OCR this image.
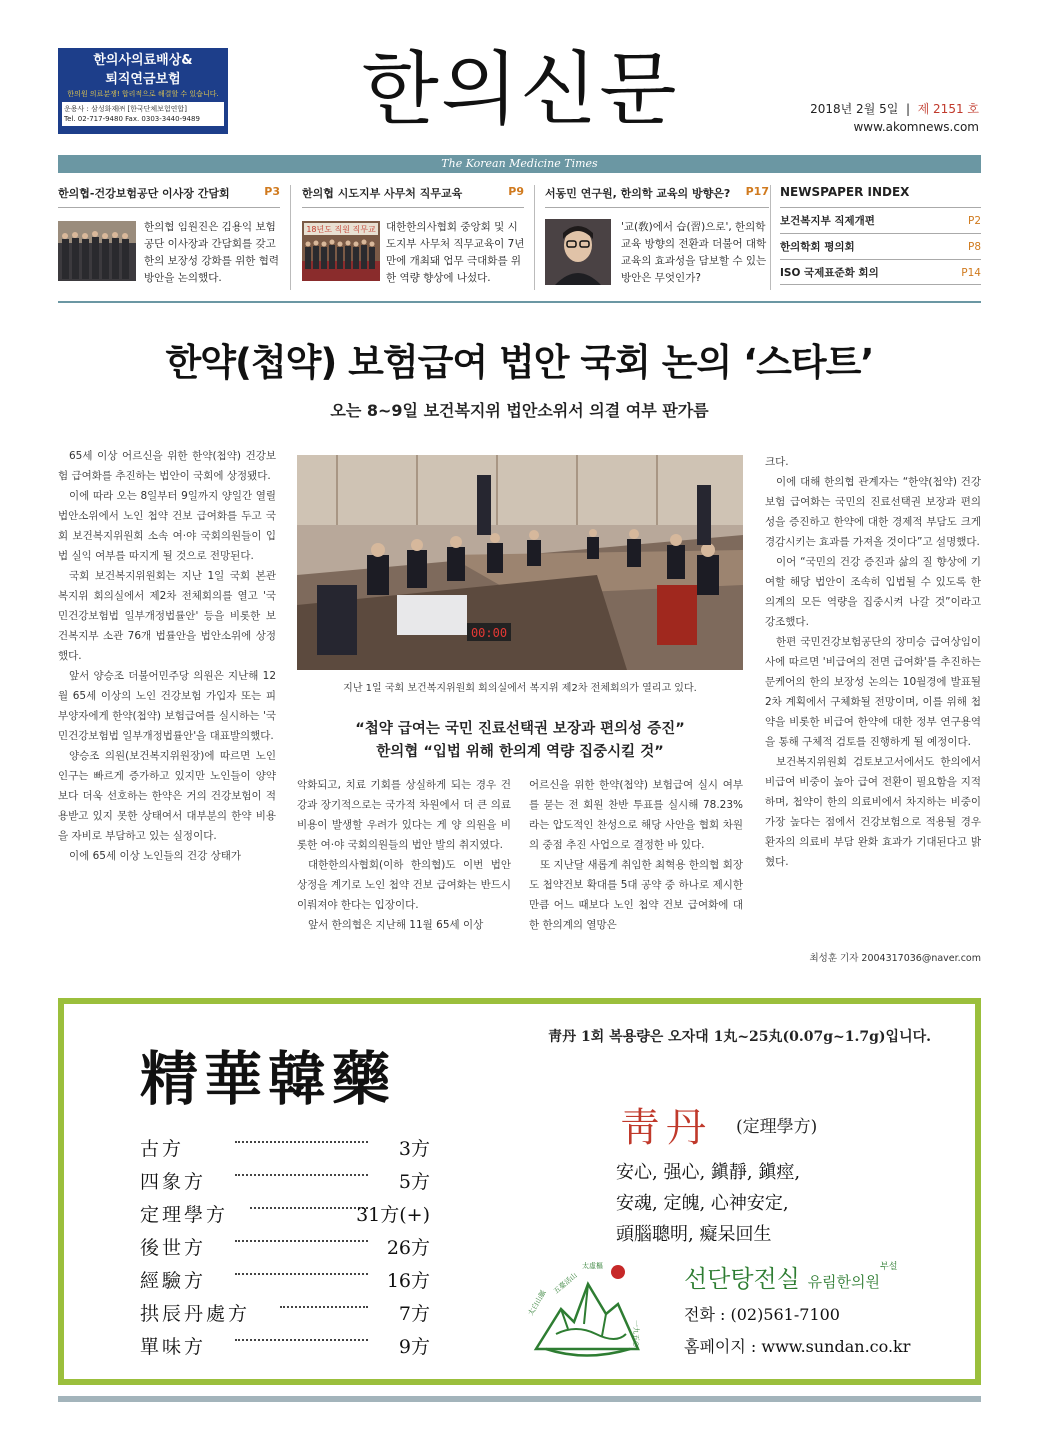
한의사의료배상&
퇴직연금보험
한의원 의료분쟁! 합리적으로 해결할 수 있습니다.
운용사 : 삼성화재㈜ [한국단체보험연합]
Tel. 02-717-9480 Fax. 0303-3440-9489	한의신문	2018년 2월 5일  |  제 2151 호
www.akomnews.com
The Korean Medicine Times
한의협-건강보험공단 이사장 간담회	P3
한의협 임원진은 김용익 보험공단 이사장과 간담회를 갖고 한의 보장성 강화를 위한 협력 방안을 논의했다.
한의협 시도지부 사무처 직무교육	P9
18년도 직원 직무교 대한한의사협회 중앙회 및 시도지부 사무처 직무교육이 7년 만에 개최돼 업무 극대화를 위한 역량 향상에 나섰다.
서동민 연구원, 한의학 교육의 방향은? P17
'교(敎)에서 습(習)으로', 한의학 교육 방향의 전환과 더불어 대학 교육의 효과성을 담보할 수 있는 방안은 무엇인가?
NEWSPAPER INDEX
보건복지부 직제개편	P2
한의학회 평의회	P8
ISO 국제표준화 회의	P14
한약(첩약) 보험급여 법안 국회 논의 ‘스타트’
오는 8~9일 보건복지위 법안소위서 의결 여부 판가름

65세 이상 어르신을 위한 한약(첩약) 건강보험 급여화를 추진하는 법안이 국회에 상정됐다.

이에 따라 오는 8일부터 9일까지 양일간 열릴 법안소위에서 노인 첩약 건보 급여화를 두고 국회 보건복지위원회 소속 여·야 국회의원들이 입법 실익 여부를 따지게 될 것으로 전망된다.

국회 보건복지위원회는 지난 1일 국회 본관 복지위 회의실에서 제2차 전체회의를 열고 '국민건강보험법 일부개정법률안' 등을 비롯한 보건복지부 소관 76개 법률안을 법안소위에 상정했다.

앞서 양승조 더불어민주당 의원은 지난해 12월 65세 이상의 노인 건강보험 가입자 또는 피부양자에게 한약(첩약) 보험급여를 실시하는 '국민건강보험법 일부개정법률안'을 대표발의했다.

양승조 의원(보건복지위원장)에 따르면 노인 인구는 빠르게 증가하고 있지만 노인들이 양약보다 더욱 선호하는 한약은 거의 건강보험이 적용받고 있지 못한 상태여서 대부분의 한약 비용을 자비로 부담하고 있는 실정이다.

이에 65세 이상 노인들의 건강 상태가

00:00
지난 1일 국회 보건복지위원회 회의실에서 복지위 제2차 전체회의가 열리고 있다.
“첩약 급여는 국민 진료선택권 보장과 편의성 증진”
한의협 “입법 위해 한의계 역량 집중시킬 것”

악화되고, 치료 기회를 상실하게 되는 경우 건강과 장기적으로는 국가적 차원에서 더 큰 의료비용이 발생할 우려가 있다는 게 양 의원을 비롯한 여·야 국회의원들의 법안 발의 취지였다.

대한한의사협회(이하 한의협)도 이번 법안 상정을 계기로 노인 첩약 건보 급여화는 반드시 이뤄져야 한다는 입장이다.

앞서 한의협은 지난해 11월 65세 이상

어르신을 위한 한약(첩약) 보험급여 실시 여부를 묻는 전 회원 찬반 투표를 실시해 78.23%라는 압도적인 찬성으로 해당 사안을 협회 차원의 중점 추진 사업으로 결정한 바 있다.

또 지난달 새롭게 취임한 최혁용 한의협 회장도 첩약건보 확대를 5대 공약 중 하나로 제시한 만큼 어느 때보다 노인 첩약 건보 급여화에 대한 한의계의 열망은

크다.

이에 대해 한의협 관계자는 “한약(첩약) 건강보험 급여화는 국민의 진료선택권 보장과 편의성을 증진하고 한약에 대한 경제적 부담도 크게 경감시키는 효과를 가져올 것이다”고 설명했다.

이어 “국민의 건강 증진과 삶의 질 향상에 기여할 해당 법안이 조속히 입법될 수 있도록 한의계의 모든 역량을 집중시켜 나갈 것”이라고 강조했다.

한편 국민건강보험공단의 장미승 급여상임이사에 따르면 '비급여의 전면 급여화'를 추진하는 문케어의 한의 보장성 논의는 10월경에 발표될 2차 계획에서 구체화될 전망이며, 이를 위해 첩약을 비롯한 비급여 한약에 대한 정부 연구용역을 통해 구체적 검토를 진행하게 될 예정이다.

보건복지위원회 검토보고서에서도 한의에서 비급여 비중이 높아 급여 전환이 필요함을 지적하며, 첩약이 한의 의료비에서 차지하는 비중이 가장 높다는 점에서 건강보험으로 적용될 경우 환자의 의료비 부담 완화 효과가 기대된다고 밝혔다.

최성훈 기자 2004317036@naver.com
靑丹 1회 복용량은 오자대 1丸~25丸(0.07g~1.7g)입니다.
精華韓藥
古方	3方
四象方	5方
定理學方	31方(+)
後世方	26方
經驗方	16方
拱辰丹處方	7方
單味方	9方
靑丹 (定理學方)
安心, 强心, 鎭靜, 鎭痙,
安魂, 定魄, 心神安定,
頭腦聰明, 癡呆回生
太白山脈
五臺活山
太虛樞
一九五○
선단탕전실 유림한의원$^{부설}$
전화 : (02)561-7100
홈페이지 : www.sundan.co.kr
